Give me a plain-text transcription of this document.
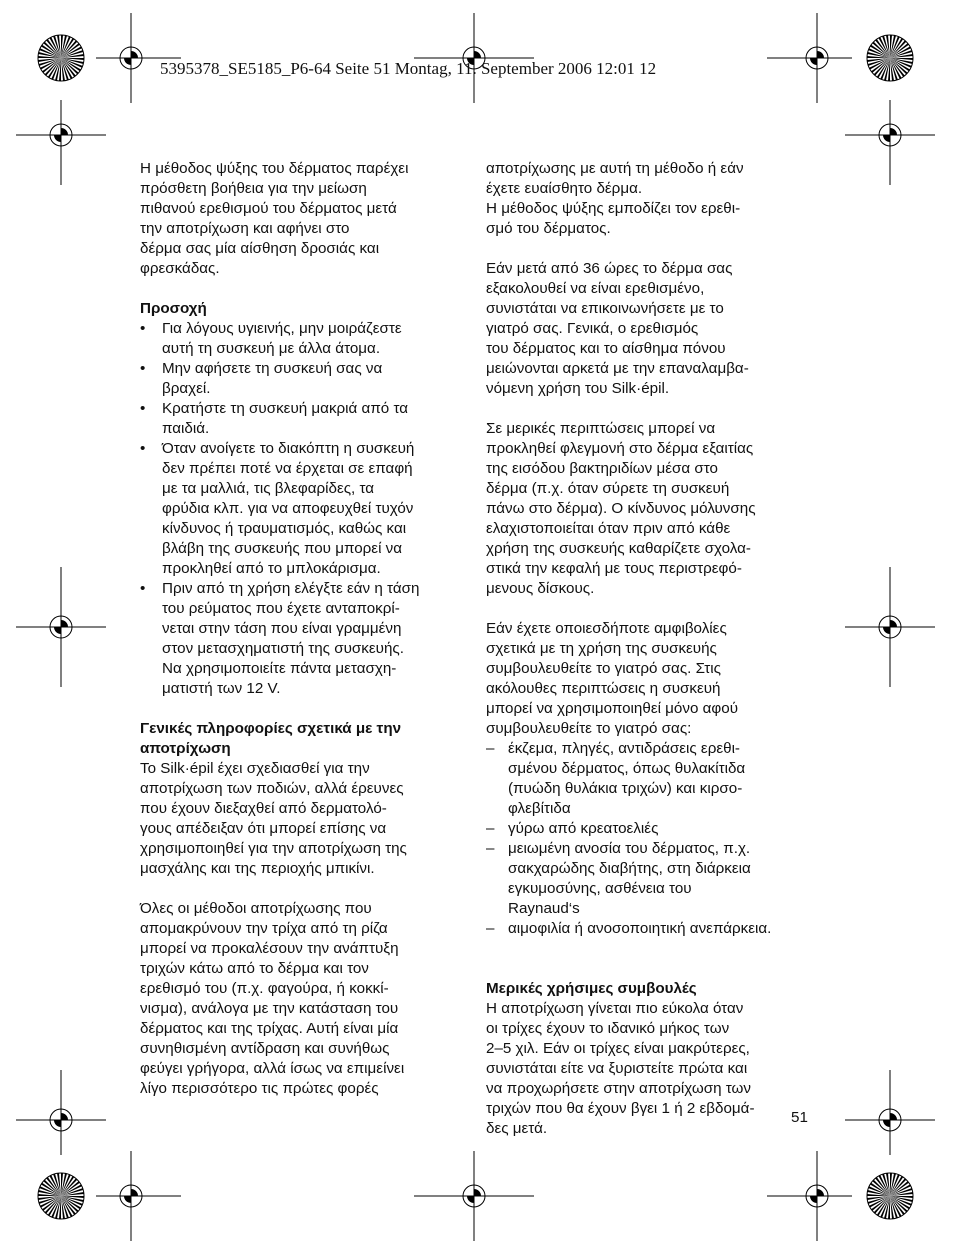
5395378_SE5185_P6-64 Seite 51 Montag, 11. September 2006 12:01 12

Η μέθοδος ψύξης του δέρματος παρέχει
πρόσθετη βοήθεια για την μείωση
πιθανού ερεθισμού του δέρματος μετά
την αποτρίχωση και αφήνει στο
δέρμα σας μία αίσθηση δροσιάς και
φρεσκάδας.

Προσοχή

• Για λόγους υγιεινής, μην μοιράζεστε
αυτή τη συσκευή με άλλα άτομα.
• Μην αφήσετε τη συσκευή σας να
βραχεί.
• Κρατήστε τη συσκευή μακριά από τα
παιδιά.
• Όταν ανοίγετε το διακόπτη η συσκευή
δεν πρέπει ποτέ να έρχεται σε επαφή
με τα μαλλιά, τις βλεφαρίδες, τα
φρύδια κλπ. για να αποφευχθεί τυχόν
κίνδυνος ή τραυματισμός, καθώς και
βλάβη της συσκευής που μπορεί να
προκληθεί από το μπλοκάρισμα.
• Πριν από τη χρήση ελέγξτε εάν η τάση
του ρεύματος που έχετε ανταποκρί-
νεται στην τάση που είναι γραμμένη
στον μετασχηματιστή της συσκευής.
Να χρησιμοποιείτε πάντα μετασχη-
ματιστή των 12 V.

Γενικές πληροφορίες σχετικά με την
αποτρίχωση

Το Silk·épil έχει σχεδιασθεί για την
αποτρίχωση των ποδιών, αλλά έρευνες
που έχουν διεξαχθεί από δερματολό-
γους απέδειξαν ότι μπορεί επίσης να
χρησιμοποιηθεί για την αποτρίχωση της
μασχάλης και της περιοχής μπικίνι.

Όλες οι μέθοδοι αποτρίχωσης που
απομακρύνουν την τρίχα από τη ρίζα
μπορεί να προκαλέσουν την ανάπτυξη
τριχών κάτω από το δέρμα και τον
ερεθισμό του (π.χ. φαγούρα, ή κοκκί-
νισμα), ανάλογα με την κατάσταση του
δέρματος και της τρίχας. Αυτή είναι μία
συνηθισμένη αντίδραση και συνήθως
φεύγει γρήγορα, αλλά ίσως να επιμείνει
λίγο περισσότερο τις πρώτες φορές

αποτρίχωσης με αυτή τη μέθοδο ή εάν
έχετε ευαίσθητο δέρμα.
Η μέθοδος ψύξης εμποδίζει τον ερεθι-
σμό του δέρματος.

Εάν μετά από 36 ώρες το δέρμα σας
εξακολουθεί να είναι ερεθισμένο,
συνιστάται να επικοινωνήσετε με το
γιατρό σας. Γενικά, ο ερεθισμός
του δέρματος και το αίσθημα πόνου
μειώνονται αρκετά με την επαναλαμβα-
νόμενη χρήση του Silk·épil.

Σε μερικές περιπτώσεις μπορεί να
προκληθεί φλεγμονή στο δέρμα εξαιτίας
της εισόδου βακτηριδίων μέσα στο
δέρμα (π.χ. όταν σύρετε τη συσκευή
πάνω στο δέρμα). Ο κίνδυνος μόλυνσης
ελαχιστοποιείται όταν πριν από κάθε
χρήση της συσκευής καθαρίζετε σχολα-
στικά την κεφαλή με τους περιστρεφό-
μενους δίσκους.

Εάν έχετε οποιεσδήποτε αμφιβολίες
σχετικά με τη χρήση της συσκευής
συμβουλευθείτε το γιατρό σας. Στις
ακόλουθες περιπτώσεις η συσκευή
μπορεί να χρησιμοποιηθεί μόνο αφού
συμβουλευθείτε το γιατρό σας:

– έκζεμα, πληγές, αντιδράσεις ερεθι-
σμένου δέρματος, όπως θυλακίτιδα
(πυώδη θυλάκια τριχών) και κιρσο-
φλεβίτιδα
– γύρω από κρεατοελιές
– μειωμένη ανοσία του δέρματος, π.χ.
σακχαρώδης διαβήτης, στη διάρκεια
εγκυμοσύνης, ασθένεια του
Raynaud‘s
– αιμοφιλία ή ανοσοποιητική ανεπάρκεια.

Μερικές χρήσιμες συμβουλές

Η αποτρίχωση γίνεται πιο εύκολα όταν
οι τρίχες έχουν το ιδανικό μήκος των
2–5 χιλ. Εάν οι τρίχες είναι μακρύτερες,
συνιστάται είτε να ξυριστείτε πρώτα και
να προχωρήσετε στην αποτρίχωση των
τριχών που θα έχουν βγει 1 ή 2 εβδομά-
δες μετά.

51
